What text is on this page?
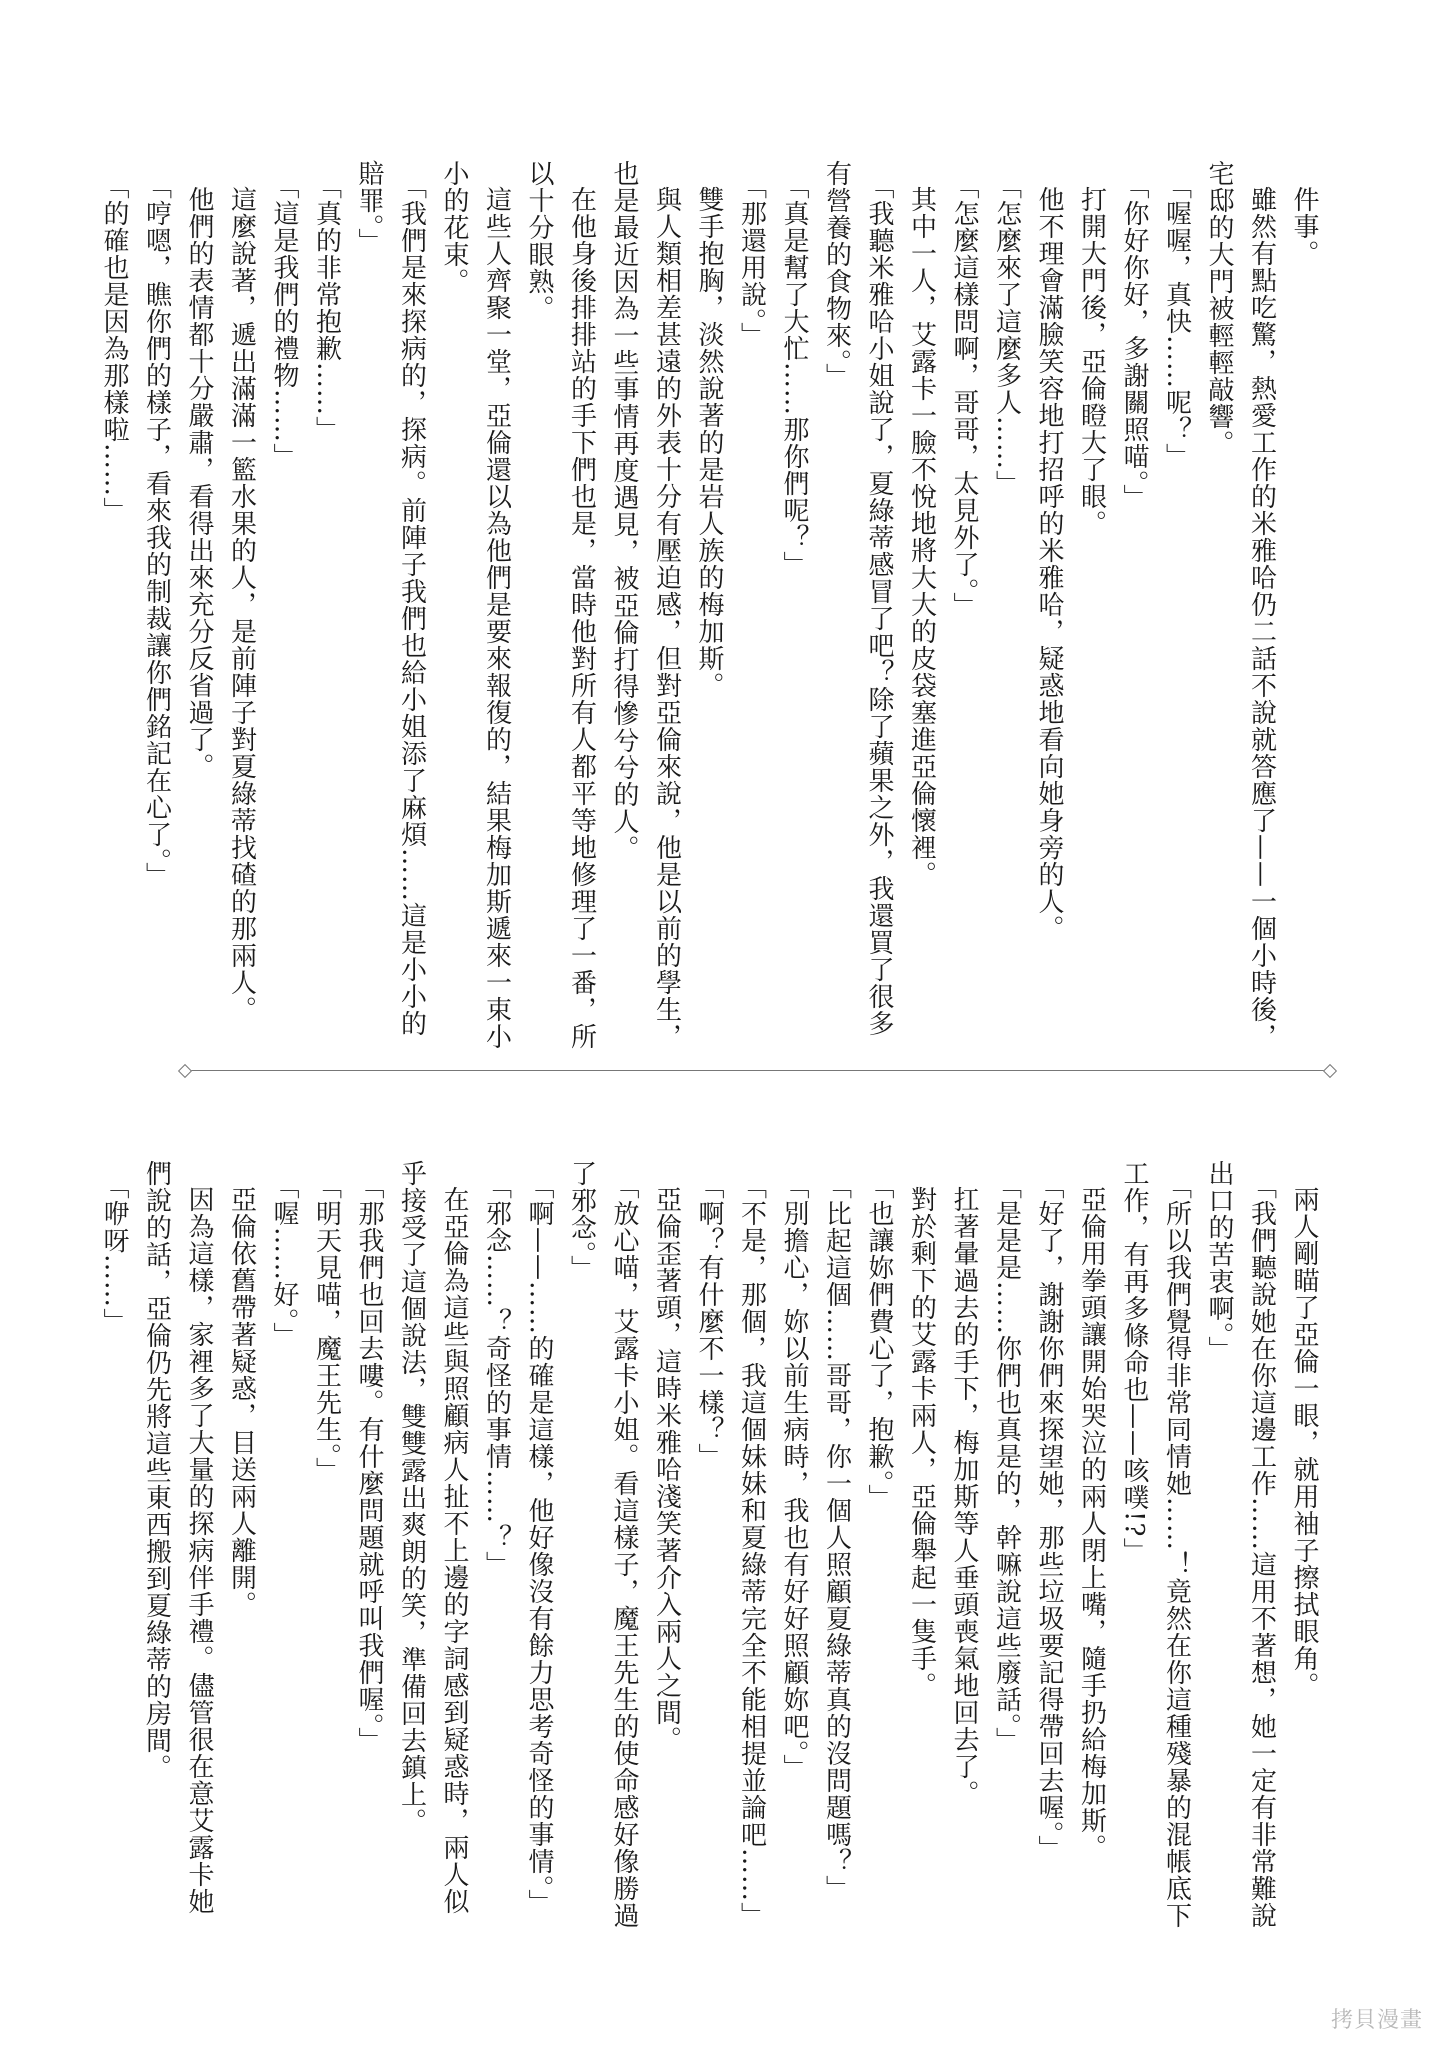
件事。

雖然有點吃驚，熱愛工作的米雅哈仍二話不說就答應了——一個小時後，宅邸的大門被輕輕敲響。

「喔喔，真快……呢？」

「你好你好，多謝關照喵。」

打開大門後，亞倫瞪大了眼。

他不理會滿臉笑容地打招呼的米雅哈，疑惑地看向她身旁的人。

「怎麼來了這麼多人……」

「怎麼這樣問啊，哥哥，太見外了。」

其中一人，艾露卡一臉不悅地將大大的皮袋塞進亞倫懷裡。

「我聽米雅哈小姐說了，夏綠蒂感冒了吧？除了蘋果之外，我還買了很多有營養的食物來。」

「真是幫了大忙……那你們呢？」

「那還用說。」

雙手抱胸，淡然說著的是岩人族的梅加斯。

與人類相差甚遠的外表十分有壓迫感，但對亞倫來說，他是以前的學生，也是最近因為一些事情再度遇見，被亞倫打得慘兮兮的人。

在他身後排排站的手下們也是，當時他對所有人都平等地修理了一番，所以十分眼熟。

這些人齊聚一堂，亞倫還以為他們是要來報復的，結果梅加斯遞來一束小小的花束。

「我們是來探病的，探病。前陣子我們也給小姐添了麻煩……這是小小的賠罪。」

「真的非常抱歉……」

「這是我們的禮物……」

這麼說著，遞出滿滿一籃水果的人，是前陣子對夏綠蒂找碴的那兩人。

他們的表情都十分嚴肅，看得出來充分反省過了。

「哼嗯，瞧你們的樣子，看來我的制裁讓你們銘記在心了。」

「的確也是因為那樣啦……」

兩人剛瞄了亞倫一眼，就用袖子擦拭眼角。

「我們聽說她在你這邊工作……這用不著想，她一定有非常難說出口的苦衷啊。」

「所以我們覺得非常同情她……！竟然在你這種殘暴的混帳底下工作，有再多條命也——咳噗!?」

亞倫用拳頭讓開始哭泣的兩人閉上嘴，隨手扔給梅加斯。

「好了，謝謝你們來探望她，那些垃圾要記得帶回去喔。」

「是是是……你們也真是的，幹嘛說這些廢話。」

扛著暈過去的手下，梅加斯等人垂頭喪氣地回去了。

對於剩下的艾露卡兩人，亞倫舉起一隻手。

「也讓妳們費心了，抱歉。」

「比起這個……哥哥，你一個人照顧夏綠蒂真的沒問題嗎？」

「別擔心，妳以前生病時，我也有好好照顧妳吧。」

「不是，那個，我這個妹妹和夏綠蒂完全不能相提並論吧……」

「啊？有什麼不一樣？」

亞倫歪著頭，這時米雅哈淺笑著介入兩人之間。

「放心喵，艾露卡小姐。看這樣子，魔王先生的使命感好像勝過了邪念。」

「啊——……的確是這樣，他好像沒有餘力思考奇怪的事情。」

「邪念……？奇怪的事情……？」

在亞倫為這些與照顧病人扯不上邊的字詞感到疑惑時，兩人似乎接受了這個說法，雙雙露出爽朗的笑，準備回去鎮上。

「那我們也回去嘍。有什麼問題就呼叫我們喔。」

「明天見喵，魔王先生。」

「喔……好。」

亞倫依舊帶著疑惑，目送兩人離開。

因為這樣，家裡多了大量的探病伴手禮。儘管很在意艾露卡她們說的話，亞倫仍先將這些東西搬到夏綠蒂的房間。

「咿呀……」

拷貝漫畫
